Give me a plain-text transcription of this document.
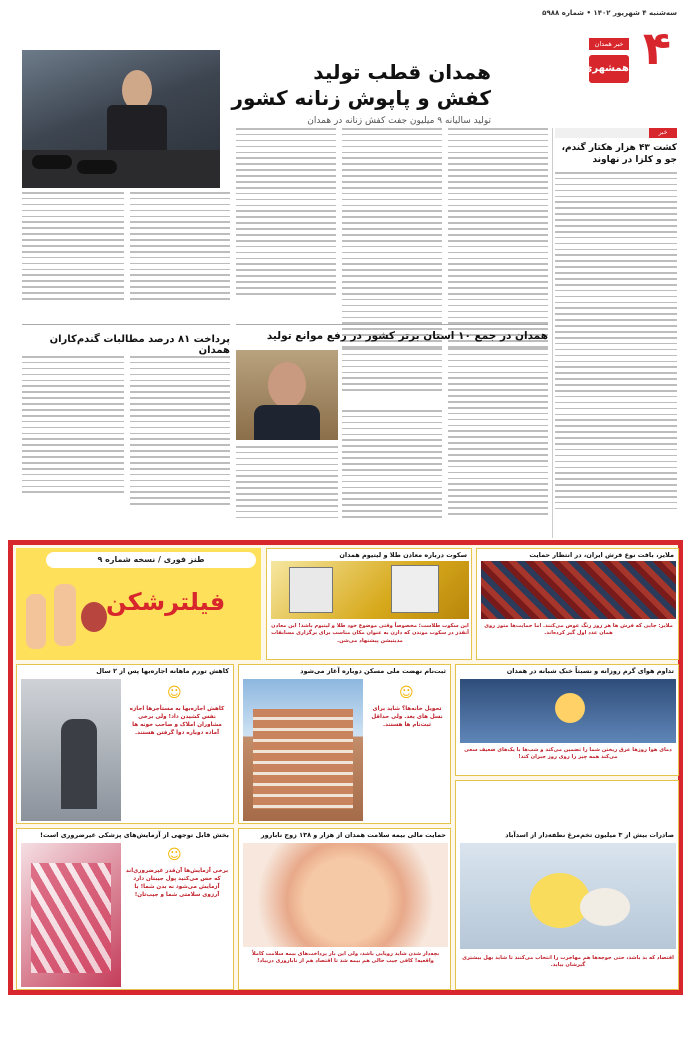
سه‌شنبه ۴ شهریور ۱۴۰۲ • شماره ۵۹۸۸
۴
خبر همدان
همشهری
همدان قطب تولید
کفش و پاپوش زنانه کشور
تولید سالیانه ۹ میلیون جفت کفش زنانه در همدان
خبر
کشت ۴۳ هزار هکتار گندم، جو و کلزا در نهاوند
همدان در جمع ۱۰ استان برتر کشور در رفع موانع تولید
پرداخت ۸۱ درصد مطالبات گندم‌کاران همدان
طنز فوری / نسخه شماره ۹
فیلترشکن
سکوت درباره معادن طلا و لیتیوم همدان
این سکوت طلاست؛ مخصوصاً وقتی موضوع خود طلا و لیتیوم باشد! این معادن آنقدر در سکوت موندن که دارن به عنوان مکان مناسب برای برگزاری مسابقات مدیتیشن پیشنهاد می‌شن.
ملایر، بافت نوع فرش ایران، در انتظار حمایت
ملایر: جایی که فرش ها هر روز رنگ عوض می‌کنند. اما حمایت‌ها متوز روی همان عدد اول گیر کرده‌اند.
کاهش تورم ماهانه اجاره‌بها پس از ۲ سال
☺
کاهش اجاره‌بها به مستأجرها اجازه نفس کشیدن داد! ولی برخی مشاوران املاک و صاحب خونه ها آماده دوباره دوا گرفتن هستند.
ثبت‌نام نهضت ملی مسکن دوباره آغاز می‌شود
☺
تحویل خانه‌ها؟ شاید برای نسل های بعد. ولی حداقل ثبت‌نام ها هستند.
تداوم هوای گرم روزانه و نسبتاً خنک شبانه در همدان
دمای هوا روزها عرق ریختن شما را تضمین می‌کند و شب‌ها با یک‌های ضعیف سعی می‌کند همه چیز را روی روز جبران کند!
بخش قابل توجهی از آزمایش‌های پزشکی غیرضروری است!
☺
برخی آزمایش‌ها آن‌قدر غیرضروری‌اند که حس می‌کنید پول جیبتان دارد آزمایش می‌شود نه بدن شما! با آرزوی سلامتی شما و جیب‌تان!
حمایت مالی بیمه سلامت همدان از هزار و ۱۳۸ زوج نابارور
بچه‌دار شدن شاید رویایی باشد، ولی این بار پرداخت‌های بیمه سلامت کاملاً واقعیه! کافی جیب خالی هم بیمه شد تا اقتصاد هم از ناباروری دربیاد!
صادرات بیش از ۳ میلیون تخم‌مرغ نطفه‌دار از اسدآباد
اقتصاد که بد باشد، حتی جوجه‌ها هم مهاجرت را انتخاب می‌کنند تا شاید بهل بیشتری گیرشان بیاید.
